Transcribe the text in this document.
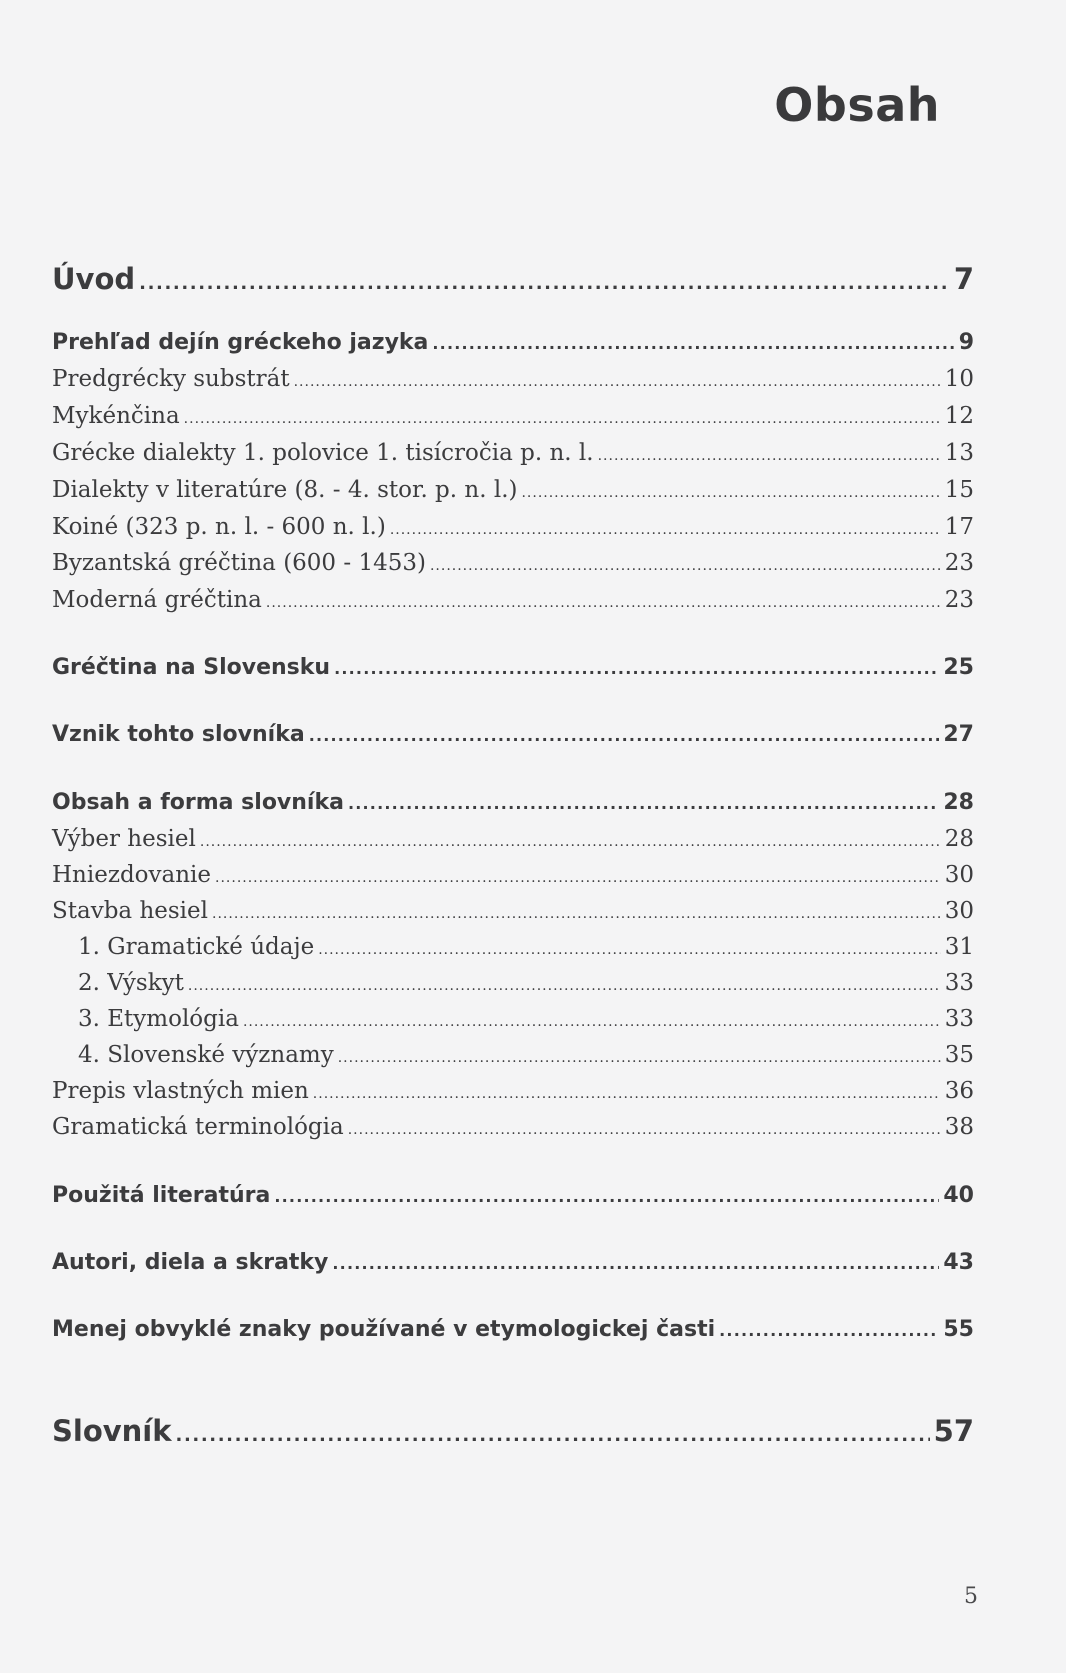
Obsah
Úvod .....	7
Prehľad dejín gréckeho jazyka .....	9
Predgrécky substrát .....	10
Mykénčina .....	12
Grécke dialekty 1. polovice 1. tisícročia p. n. l. .....	13
Dialekty v literatúre (8. - 4. stor. p. n. l.) .....	15
Koiné (323 p. n. l. - 600 n. l.) .....	17
Byzantská gréčtina (600 - 1453) .....	23
Moderná gréčtina .....	23
Gréčtina na Slovensku .....	25
Vznik tohto slovníka .....	27
Obsah a forma slovníka .....	28
Výber hesiel .....	28
Hniezdovanie .....	30
Stavba hesiel .....	30
1. Gramatické údaje .....	31
2. Výskyt .....	33
3. Etymológia .....	33
4. Slovenské významy .....	35
Prepis vlastných mien .....	36
Gramatická terminológia .....	38
Použitá literatúra .....	40
Autori, diela a skratky .....	43
Menej obvyklé znaky používané v etymologickej časti .....	55
Slovník .....	57
5
